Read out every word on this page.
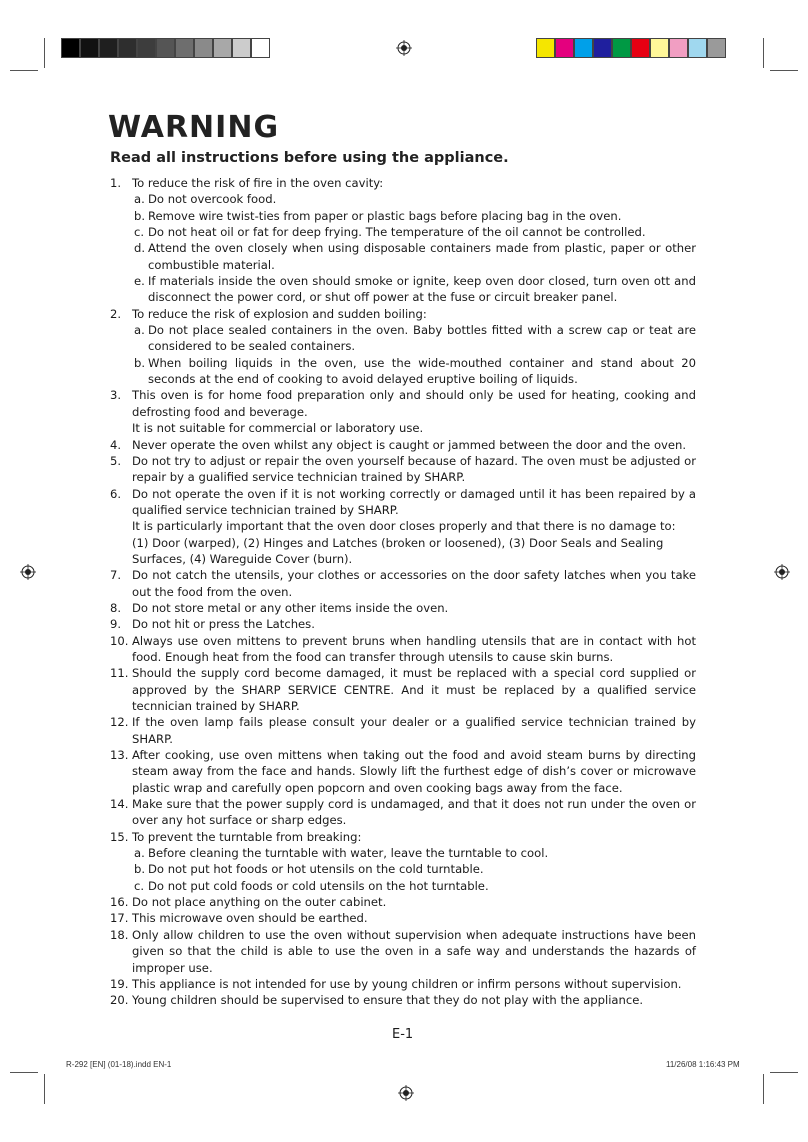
WARNING
Read all instructions before using the appliance.
1. To reduce the risk of fire in the oven cavity:
a. Do not overcook food.
b. Remove wire twist-ties from paper or plastic bags before placing bag in the oven.
c. Do not heat oil or fat for deep frying. The temperature of the oil cannot be controlled.
d. Attend the oven closely when using disposable containers made from plastic, paper or other combustible material.
e. If materials inside the oven should smoke or ignite, keep oven door closed, turn oven ott and disconnect the power cord, or shut off power at the fuse or circuit breaker panel.
2. To reduce the risk of explosion and sudden boiling:
a. Do not place sealed containers in the oven. Baby bottles fitted with a screw cap or teat are considered to be sealed containers.
b. When boiling liquids in the oven, use the wide-mouthed container and stand about 20 seconds at the end of cooking to avoid delayed eruptive boiling of liquids.
3. This oven is for home food preparation only and should only be used for heating, cooking and defrosting food and beverage.
It is not suitable for commercial or laboratory use.
4. Never operate the oven whilst any object is caught or jammed between the door and the oven.
5. Do not try to adjust or repair the oven yourself because of hazard. The oven must be adjusted or repair by a gualified service technician trained by SHARP.
6. Do not operate the oven if it is not working correctly or damaged until it has been repaired by a qualified service technician trained by SHARP.
It is particularly important that the oven door closes properly and that there is no damage to:
(1) Door (warped), (2) Hinges and Latches (broken or loosened), (3) Door Seals and Sealing Surfaces, (4) Wareguide Cover (burn).
7. Do not catch the utensils, your clothes or accessories on the door safety latches when you take out the food from the oven.
8. Do not store metal or any other items inside the oven.
9. Do not hit or press the Latches.
10. Always use oven mittens to prevent bruns when handling utensils that are in contact with hot food. Enough heat from the food can transfer through utensils to cause skin burns.
11. Should the supply cord become damaged, it must be replaced with a special cord supplied or approved by the SHARP SERVICE CENTRE. And it must be replaced by a qualified service tecnnician trained by SHARP.
12. If the oven lamp fails please consult your dealer or a gualified service technician trained by SHARP.
13. After cooking, use oven mittens when taking out the food and avoid steam burns by directing steam away from the face and hands. Slowly lift the furthest edge of dish’s cover or microwave plastic wrap and carefully open popcorn and oven cooking bags away from the face.
14. Make sure that the power supply cord is undamaged, and that it does not run under the oven or over any hot surface or sharp edges.
15. To prevent the turntable from breaking:
a. Before cleaning the turntable with water, leave the turntable to cool.
b. Do not put hot foods or hot utensils on the cold turntable.
c. Do not put cold foods or cold utensils on the hot turntable.
16. Do not place anything on the outer cabinet.
17. This microwave oven should be earthed.
18. Only allow children to use the oven without supervision when adequate instructions have been given so that the child is able to use the oven in a safe way and understands the hazards of improper use.
19. This appliance is not intended for use by young children or infirm persons without supervision.
20. Young children should be supervised to ensure that they do not play with the appliance.
E-1
R-292 [EN] (01-18).indd EN-1	11/26/08 1:16:43 PM
